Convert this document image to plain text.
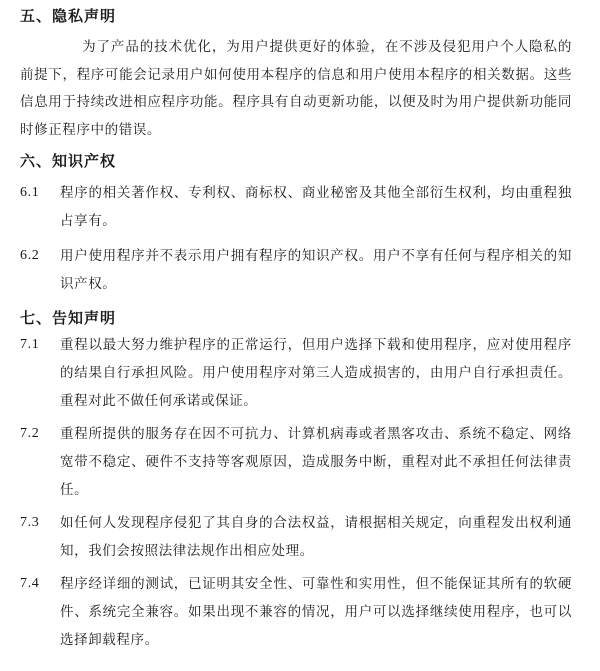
五、隐私声明
为了产品的技术优化，为用户提供更好的体验，在不涉及侵犯用户个人隐私的前提下，程序可能会记录用户如何使用本程序的信息和用户使用本程序的相关数据。这些信息用于持续改进相应程序功能。程序具有自动更新功能，以便及时为用户提供新功能同时修正程序中的错误。
六、知识产权
6.1	程序的相关著作权、专利权、商标权、商业秘密及其他全部衍生权利，均由重程独占享有。
6.2	用户使用程序并不表示用户拥有程序的知识产权。用户不享有任何与程序相关的知识产权。
七、告知声明
7.1	重程以最大努力维护程序的正常运行，但用户选择下载和使用程序，应对使用程序的结果自行承担风险。用户使用程序对第三人造成损害的，由用户自行承担责任。重程对此不做任何承诺或保证。
7.2	重程所提供的服务存在因不可抗力、计算机病毒或者黑客攻击、系统不稳定、网络宽带不稳定、硬件不支持等客观原因，造成服务中断，重程对此不承担任何法律责任。
7.3	如任何人发现程序侵犯了其自身的合法权益，请根据相关规定，向重程发出权利通知，我们会按照法律法规作出相应处理。
7.4	程序经详细的测试，已证明其安全性、可靠性和实用性，但不能保证其所有的软硬件、系统完全兼容。如果出现不兼容的情况，用户可以选择继续使用程序，也可以选择卸载程序。
